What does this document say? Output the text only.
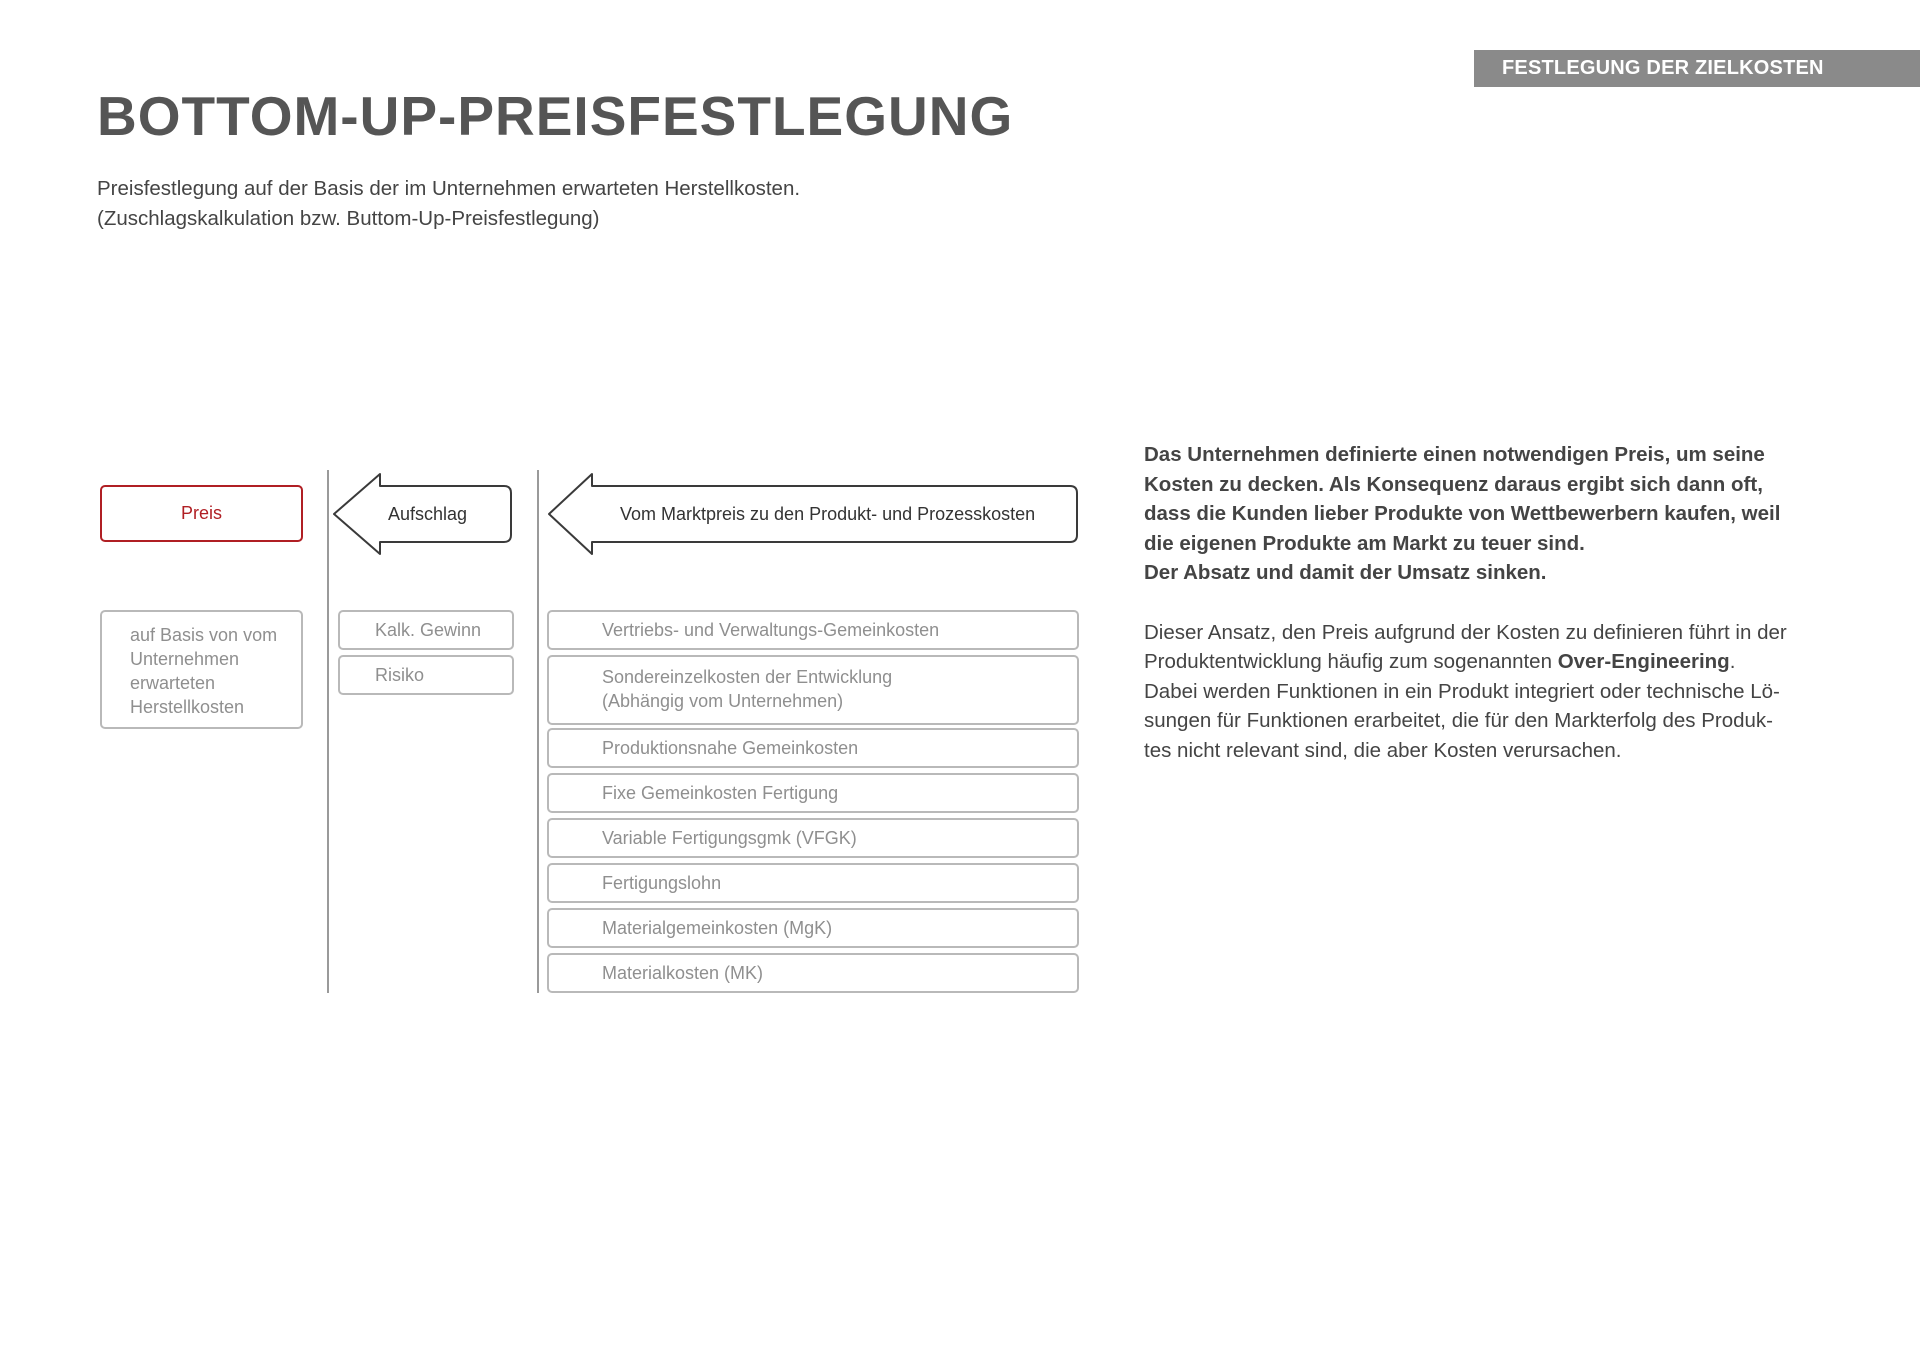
FESTLEGUNG DER ZIELKOSTEN
BOTTOM-UP-PREISFESTLEGUNG
Preisfestlegung auf der Basis der im Unternehmen erwarteten Herstellkosten.
(Zuschlagskalkulation bzw. Buttom-Up-Preisfestlegung)
Preis
auf Basis von vom
Unternehmen
erwarteten
Herstellkosten
Aufschlag	Vom Marktpreis zu den Produkt- und Prozesskosten
Kalk. Gewinn
Risiko
Vertriebs- und Verwaltungs-Gemeinkosten
Sondereinzelkosten der Entwicklung
(Abhängig vom Unternehmen)
Produktionsnahe Gemeinkosten
Fixe Gemeinkosten Fertigung
Variable Fertigungsgmk (VFGK)
Fertigungslohn
Materialgemeinkosten (MgK)
Materialkosten (MK)
Das Unternehmen definierte einen notwendigen Preis, um seine
Kosten zu decken. Als Konsequenz daraus ergibt sich dann oft,
dass die Kunden lieber Produkte von Wettbewerbern kaufen, weil
die eigenen Produkte am Markt zu teuer sind.
Der Absatz und damit der Umsatz sinken.
Dieser Ansatz, den Preis aufgrund der Kosten zu definieren führt in der
Produktentwicklung häufig zum sogenannten Over-Engineering.
Dabei werden Funktionen in ein Produkt integriert oder technische Lö-
sungen für Funktionen erarbeitet, die für den Markterfolg des Produk-
tes nicht relevant sind, die aber Kosten verursachen.
